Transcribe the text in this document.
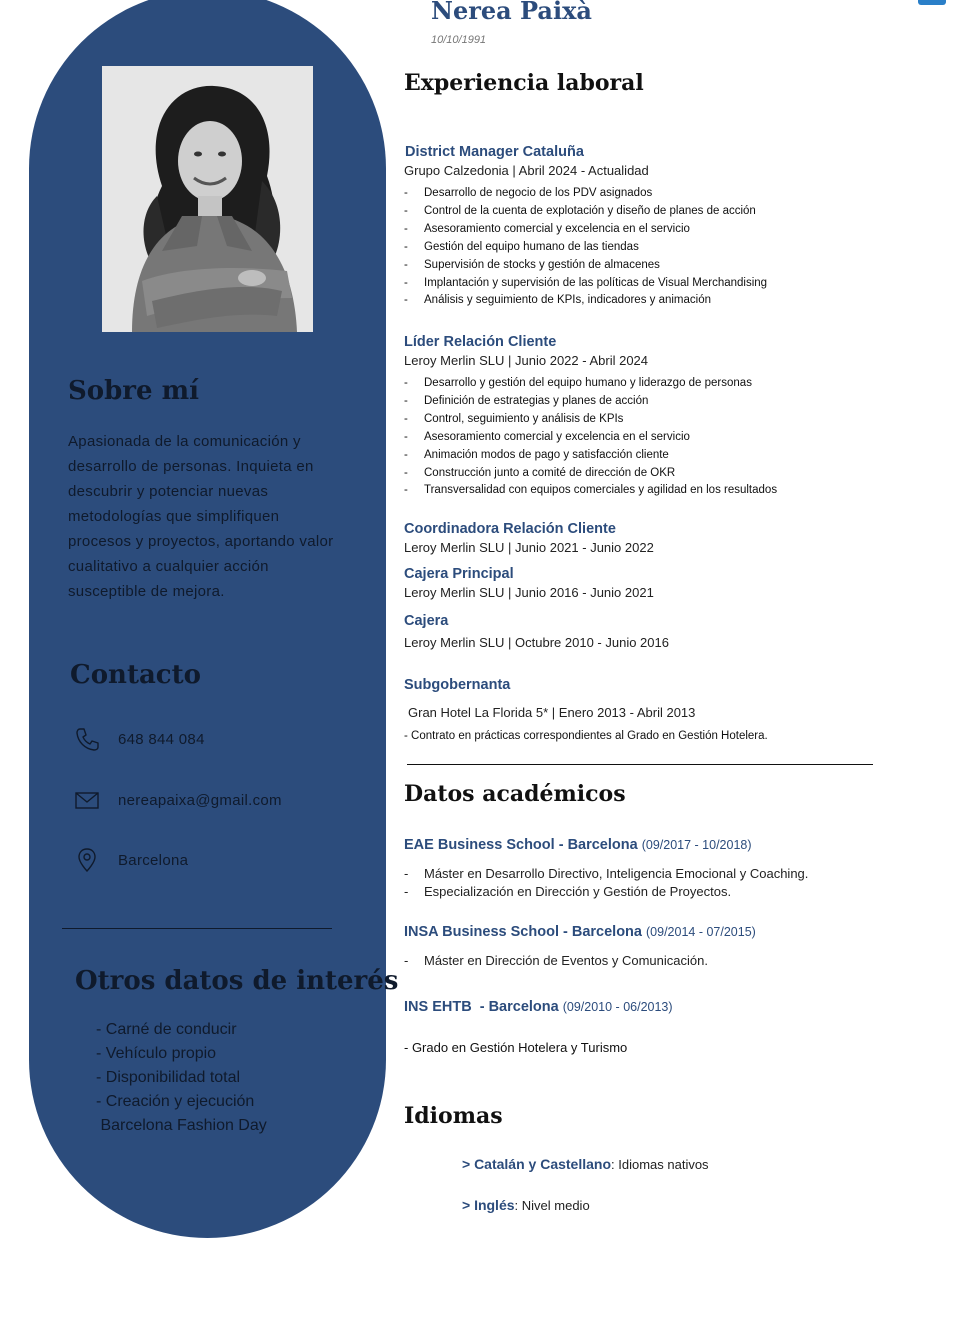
Sobre mí

Apasionada de la comunicación y desarrollo de personas. Inquieta en descubrir y potenciar nuevas metodologías que simplifiquen procesos y proyectos, aportando valor cualitativo a cualquier acción susceptible de mejora.

Contacto
648 844 084
nereapaixa@gmail.com
Barcelona
Otros datos de interés
- Carné de conducir
- Vehículo propio
- Disponibilidad total
- Creación y ejecución
Barcelona Fashion Day
Nerea Paixà
10/10/1991
Experiencia laboral
District Manager Cataluña
Grupo Calzedonia | Abril 2024 - Actualidad
- Desarrollo de negocio de los PDV asignados
- Control de la cuenta de explotación y diseño de planes de acción
- Asesoramiento comercial y excelencia en el servicio
- Gestión del equipo humano de las tiendas
- Supervisión de stocks y gestión de almacenes
- Implantación y supervisión de las políticas de Visual Merchandising
- Análisis y seguimiento de KPIs, indicadores y animación
Líder Relación Cliente
Leroy Merlin SLU | Junio 2022 - Abril 2024
- Desarrollo y gestión del equipo humano y liderazgo de personas
- Definición de estrategias y planes de acción
- Control, seguimiento y análisis de KPIs
- Asesoramiento comercial y excelencia en el servicio
- Animación modos de pago y satisfacción cliente
- Construcción junto a comité de dirección de OKR
- Transversalidad con equipos comerciales y agilidad en los resultados
Coordinadora Relación Cliente
Leroy Merlin SLU | Junio 2021 - Junio 2022
Cajera Principal
Leroy Merlin SLU | Junio 2016 - Junio 2021
Cajera
Leroy Merlin SLU | Octubre 2010 - Junio 2016
Subgobernanta
Gran Hotel La Florida 5* | Enero 2013 - Abril 2013
- Contrato en prácticas correspondientes al Grado en Gestión Hotelera.
Datos académicos
EAE Business School - Barcelona (09/2017 - 10/2018)
- Máster en Desarrollo Directivo, Inteligencia Emocional y Coaching.
- Especialización en Dirección y Gestión de Proyectos.
INSA Business School - Barcelona (09/2014 - 07/2015)
- Máster en Dirección de Eventos y Comunicación.
INS EHTB  - Barcelona (09/2010 - 06/2013)
- Grado en Gestión Hotelera y Turismo
Idiomas
> Catalán y Castellano: Idiomas nativos
> Inglés: Nivel medio
